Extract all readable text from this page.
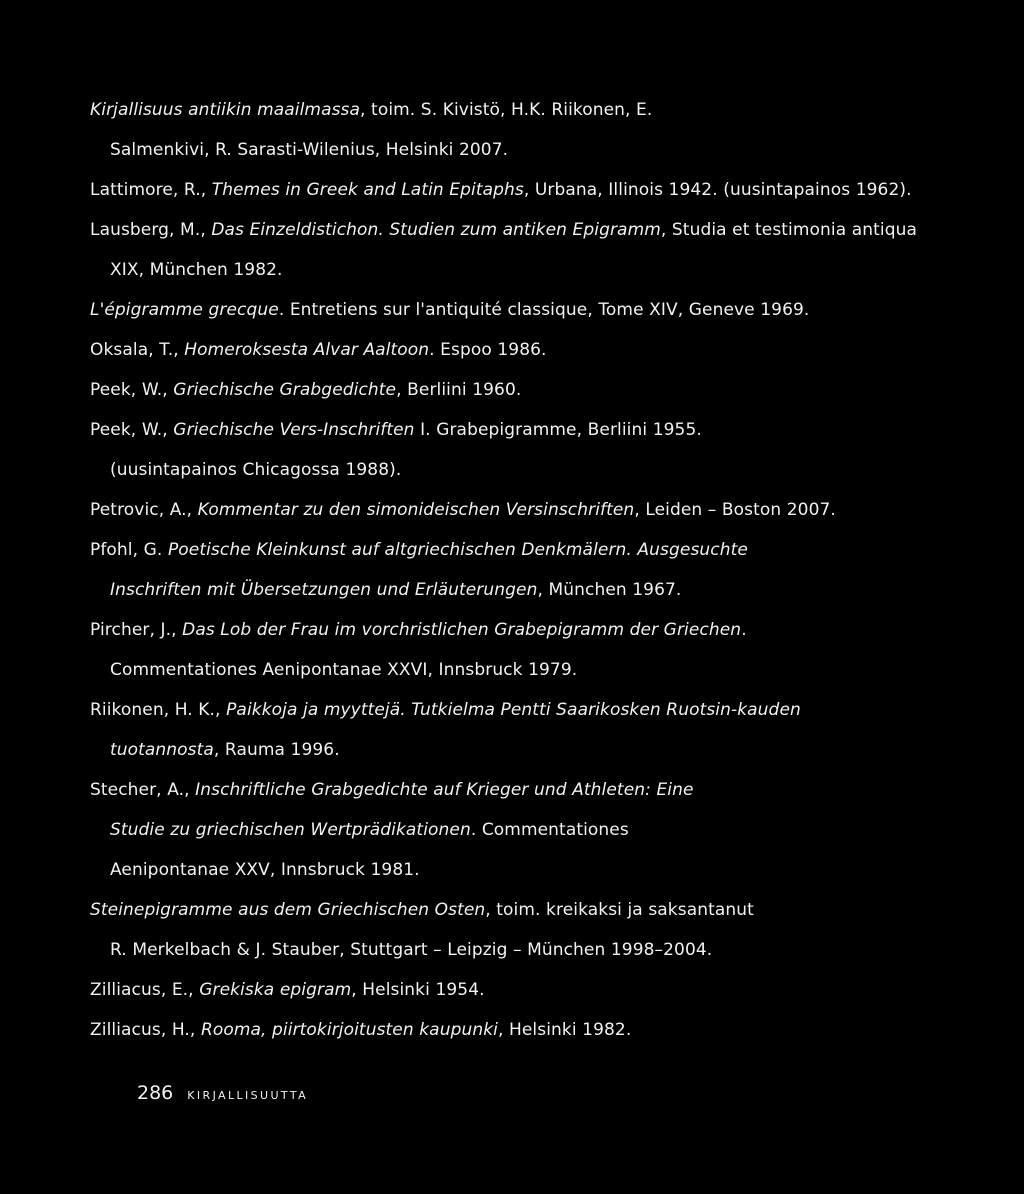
Kirjallisuus antiikin maailmassa, toim. S. Kivistö, H.K. Riikonen, E.
Salmenkivi, R. Sarasti-Wilenius, Helsinki 2007.
Lattimore, R., Themes in Greek and Latin Epitaphs, Urbana, Illinois 1942. (uusintapainos 1962).
Lausberg, M., Das Einzeldistichon. Studien zum antiken Epigramm, Studia et testimonia antiqua
XIX, München 1982.
L'épigramme grecque. Entretiens sur l'antiquité classique, Tome XIV, Geneve 1969.
Oksala, T., Homeroksesta Alvar Aaltoon. Espoo 1986.
Peek, W., Griechische Grabgedichte, Berliini 1960.
Peek, W., Griechische Vers-Inschriften I. Grabepigramme, Berliini 1955.
(uusintapainos Chicagossa 1988).
Petrovic, A., Kommentar zu den simonideischen Versinschriften, Leiden – Boston 2007.
Pfohl, G. Poetische Kleinkunst auf altgriechischen Denkmälern. Ausgesuchte
Inschriften mit Übersetzungen und Erläuterungen, München 1967.
Pircher, J., Das Lob der Frau im vorchristlichen Grabepigramm der Griechen.
Commentationes Aenipontanae XXVI, Innsbruck 1979.
Riikonen, H. K., Paikkoja ja myyttejä. Tutkielma Pentti Saarikosken Ruotsin-kauden
tuotannosta, Rauma 1996.
Stecher, A., Inschriftliche Grabgedichte auf Krieger und Athleten: Eine
Studie zu griechischen Wertprädikationen. Commentationes
Aenipontanae XXV, Innsbruck 1981.
Steinepigramme aus dem Griechischen Osten, toim. kreikaksi ja saksantanut
R. Merkelbach & J. Stauber, Stuttgart – Leipzig – München 1998–2004.
Zilliacus, E., Grekiska epigram, Helsinki 1954.
Zilliacus, H., Rooma, piirtokirjoitusten kaupunki, Helsinki 1982.
286 KIRJALLISUUTTA
